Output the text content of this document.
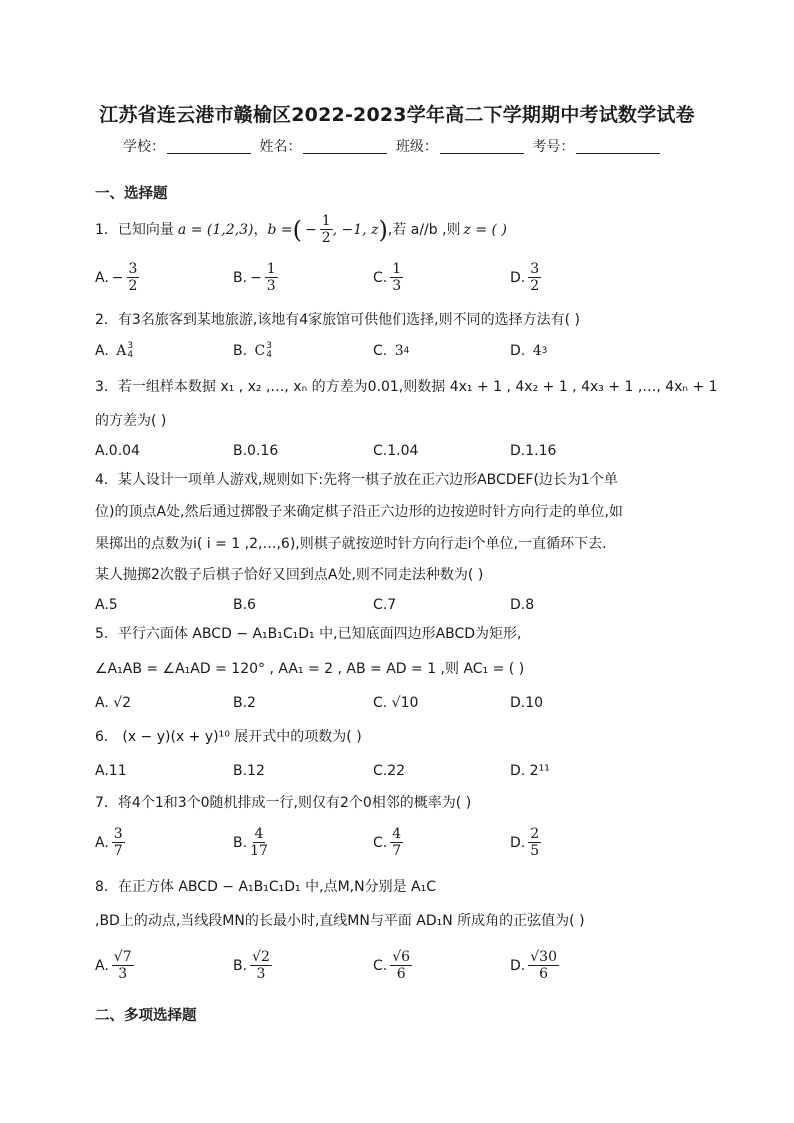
江苏省连云港市赣榆区2022-2023学年高二下学期期中考试数学试卷
学校：	姓名：	班级：	考号：
一、选择题
1．已知向量 a = (1,2,3) ， b = ( − $\frac{1}{2}$ , −1, z ) ,若 a//b ,则 z = ( )
A. − $\frac{3}{2}$	B. − $\frac{1}{3}$	C. $\frac{1}{3}$	D. $\frac{3}{2}$
2．有3名旅客到某地旅游,该地有4家旅馆可供他们选择,则不同的选择方法有( )
A.
A 3
4	B.
C 3
4	C.
3 4	D.
4 3
3．若一组样本数据 x₁ , x₂ ,…, xₙ 的方差为0.01,则数据 4x₁ + 1 , 4x₂ + 1 , 4x₃ + 1 ,…, 4xₙ + 1
的方差为( )
A.0.04	B.0.16	C.1.04	D.1.16
4．某人设计一项单人游戏,规则如下:先将一棋子放在正六边形ABCDEF(边长为1个单
位)的顶点A处,然后通过掷骰子来确定棋子沿正六边形的边按逆时针方向行走的单位,如
果掷出的点数为i( i = 1 ,2,…,6),则棋子就按逆时针方向行走i个单位,一直循环下去.
某人抛掷2次骰子后棋子恰好又回到点A处,则不同走法种数为( )
A.5	B.6	C.7	D.8
5．平行六面体 ABCD − A₁B₁C₁D₁ 中,已知底面四边形ABCD为矩形,
∠A₁AB = ∠A₁AD = 120° , AA₁ = 2 , AB = AD = 1 ,则 AC₁ = ( )
A. √2	B.2	C. √10	D.10
6． (x − y)(x + y)¹⁰ 展开式中的项数为( )
A.11	B.12	C.22	D. 2¹¹
7．将4个1和3个0随机排成一行,则仅有2个0相邻的概率为( )
A. $\frac{3}{7}$	B. $\frac{4}{17}$	C. $\frac{4}{7}$	D. $\frac{2}{5}$
8．在正方体 ABCD − A₁B₁C₁D₁ 中,点M,N分别是 A₁C
,BD上的动点,当线段MN的长最小时,直线MN与平面 AD₁N 所成角的正弦值为( )
A. $\frac{√7}{3}$	B. $\frac{√2}{3}$	C. $\frac{√6}{6}$	D. $\frac{√30}{6}$
二、多项选择题
